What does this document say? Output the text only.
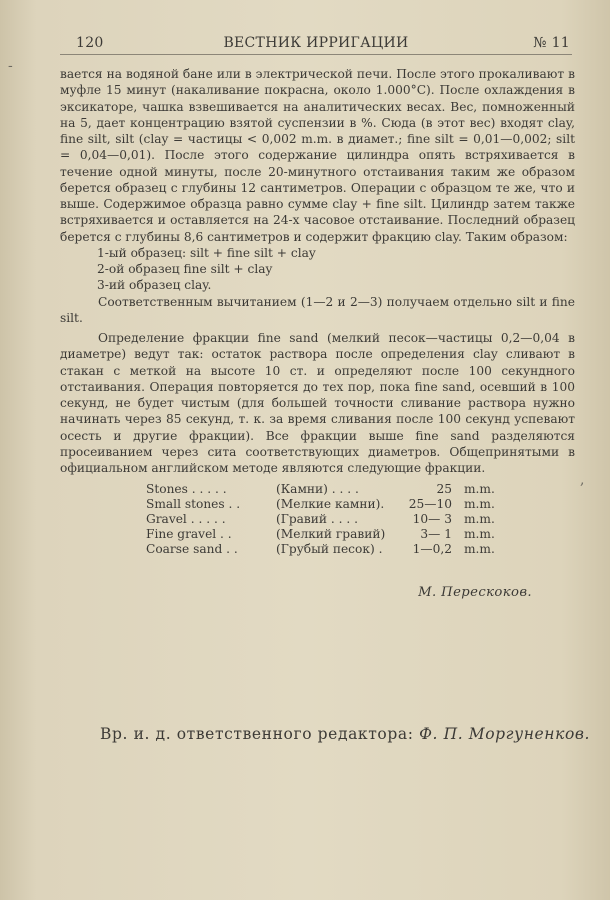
120	ВЕСТНИК ИРРИГАЦИИ	№ 11
-
,

вается на водяной бане или в электрической печи. После этого прокаливают в муфле 15 минут (накаливание покрасна, около 1.000°С). После охлаждения в эксикаторе, чашка взвешивается на аналитических весах. Вес, помноженный на 5, дает концентрацию взятой суспензии в %. Сюда (в этот вес) входят clay, fine silt, silt (clay = частицы < 0,002 m.m. в диамет.; fine silt = 0,01—0,002; silt = 0,04—0,01). После этого содержание цилиндра опять встряхивается в течение одной минуты, после 20-минутного отстаивания таким же образом берется образец с глубины 12 сантиметров. Операции с образцом те же, что и выше. Содержимое образца равно сумме clay + fine silt. Цилиндр затем также встряхивается и оставляется на 24-х часовое отстаивание. Последний образец берется с глубины 8,6 сантиметров и содержит фракцию clay. Таким образом:

1-ый образец: silt + fine silt + clay
2-ой образец fine silt + clay
3-ий образец clay.

Соответственным вычитанием (1—2 и 2—3) получаем отдельно silt и fine silt.

Определение фракции fine sand (мелкий песок—частицы 0,2—0,04 в диаметре) ведут так: остаток раствора после определения clay сливают в стакан с меткой на высоте 10 ст. и определяют после 100 секундного отстаивания. Операция повторяется до тех пор, пока fine sand, осевший в 100 секунд, не будет чистым (для большей точности сливание раствора нужно начинать через 85 секунд, т. к. за время сливания после 100 секунд успевают осесть и другие фракции). Все фракции выше fine sand разделяются просеиванием через сита соответствующих диаметров. Общепринятыми в официальном английском методе являются следующие фракции.

Stones . . . . .	(Камни) . . . .	25	m.m.
Small stones . .	(Мелкие камни).	25—10	m.m.
Gravel . . . . .	(Гравий . . . .	10— 3	m.m.
Fine gravel . .	(Мелкий гравий)	3— 1	m.m.
Coarse sand . .	(Грубый песок) .	1—0,2	m.m.
М. Перескоков.
Вр. и. д. ответственного редактора: Ф. П. Моргуненков.
